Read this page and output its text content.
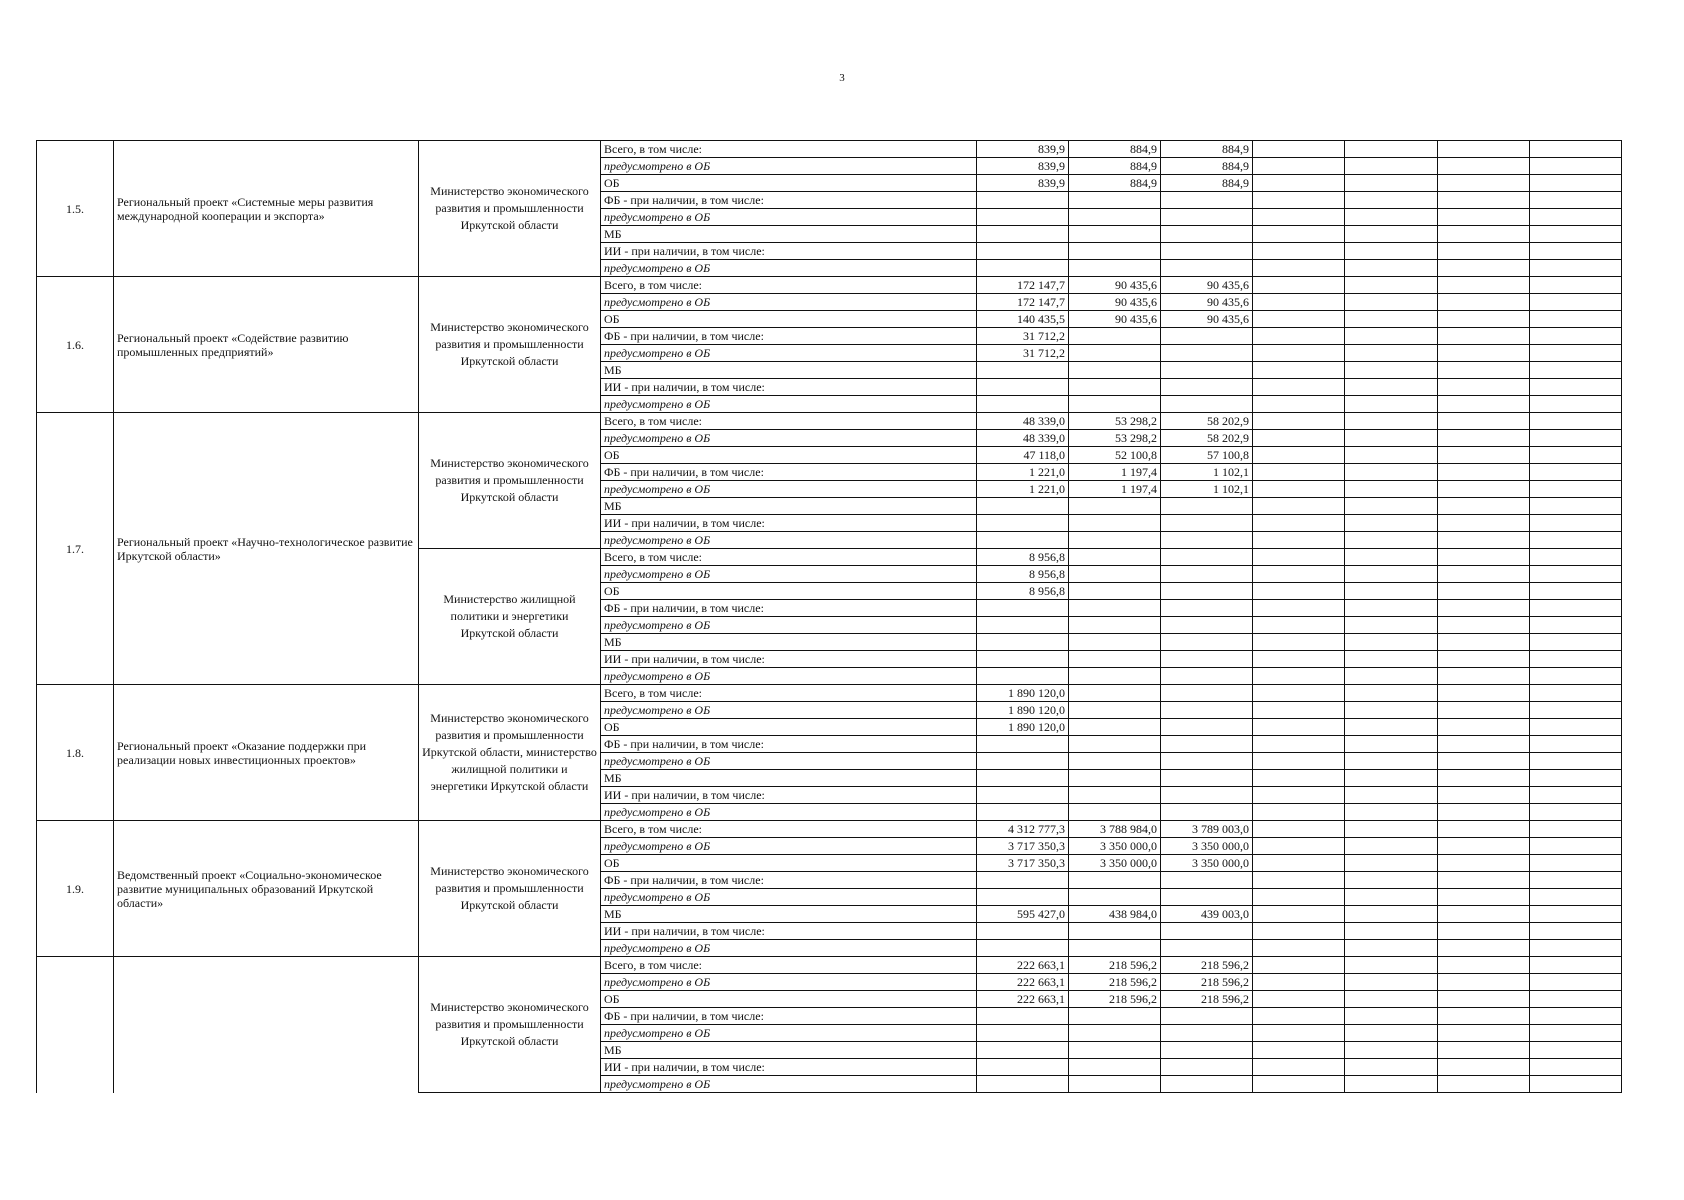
3
1.5.	Региональный проект «Системные меры развития международной кооперации и экспорта»	Министерство экономического развития и промышленности Иркутской области	Всего, в том числе:	839,9	884,9	884,9				
			предусмотрено в ОБ	839,9	884,9	884,9				
			ОБ	839,9	884,9	884,9				
			ФБ - при наличии, в том числе:							
			предусмотрено в ОБ							
			МБ							
			ИИ - при наличии, в том числе:							
			предусмотрено в ОБ							
1.6.	Региональный проект «Содействие развитию промышленных предприятий»	Министерство экономического развития и промышленности Иркутской области	Всего, в том числе:	172 147,7	90 435,6	90 435,6				
			предусмотрено в ОБ	172 147,7	90 435,6	90 435,6				
			ОБ	140 435,5	90 435,6	90 435,6				
			ФБ - при наличии, в том числе:	31 712,2						
			предусмотрено в ОБ	31 712,2						
			МБ							
			ИИ - при наличии, в том числе:							
			предусмотрено в ОБ							
1.7.	Региональный проект «Научно-технологическое развитие Иркутской области»	Министерство экономического развития и промышленности Иркутской области	Всего, в том числе:	48 339,0	53 298,2	58 202,9				
			предусмотрено в ОБ	48 339,0	53 298,2	58 202,9				
			ОБ	47 118,0	52 100,8	57 100,8				
			ФБ - при наличии, в том числе:	1 221,0	1 197,4	1 102,1				
			предусмотрено в ОБ	1 221,0	1 197,4	1 102,1				
			МБ							
			ИИ - при наличии, в том числе:							
			предусмотрено в ОБ							
		Министерство жилищной политики и энергетики Иркутской области	Всего, в том числе:	8 956,8						
			предусмотрено в ОБ	8 956,8						
			ОБ	8 956,8						
			ФБ - при наличии, в том числе:							
			предусмотрено в ОБ							
			МБ							
			ИИ - при наличии, в том числе:							
			предусмотрено в ОБ							
1.8.	Региональный проект «Оказание поддержки при реализации новых инвестиционных проектов»	Министерство экономического развития и промышленности Иркутской области, министерство жилищной политики и энергетики Иркутской области	Всего, в том числе:	1 890 120,0						
			предусмотрено в ОБ	1 890 120,0						
			ОБ	1 890 120,0						
			ФБ - при наличии, в том числе:							
			предусмотрено в ОБ							
			МБ							
			ИИ - при наличии, в том числе:							
			предусмотрено в ОБ							
1.9.	Ведомственный проект «Социально-экономическое развитие муниципальных образований Иркутской области»	Министерство экономического развития и промышленности Иркутской области	Всего, в том числе:	4 312 777,3	3 788 984,0	3 789 003,0				
			предусмотрено в ОБ	3 717 350,3	3 350 000,0	3 350 000,0				
			ОБ	3 717 350,3	3 350 000,0	3 350 000,0				
			ФБ - при наличии, в том числе:							
			предусмотрено в ОБ							
			МБ	595 427,0	438 984,0	439 003,0				
			ИИ - при наличии, в том числе:							
			предусмотрено в ОБ							
		Министерство экономического развития и промышленности Иркутской области	Всего, в том числе:	222 663,1	218 596,2	218 596,2				
			предусмотрено в ОБ	222 663,1	218 596,2	218 596,2				
			ОБ	222 663,1	218 596,2	218 596,2				
			ФБ - при наличии, в том числе:							
			предусмотрено в ОБ							
			МБ							
			ИИ - при наличии, в том числе:							
			предусмотрено в ОБ							
